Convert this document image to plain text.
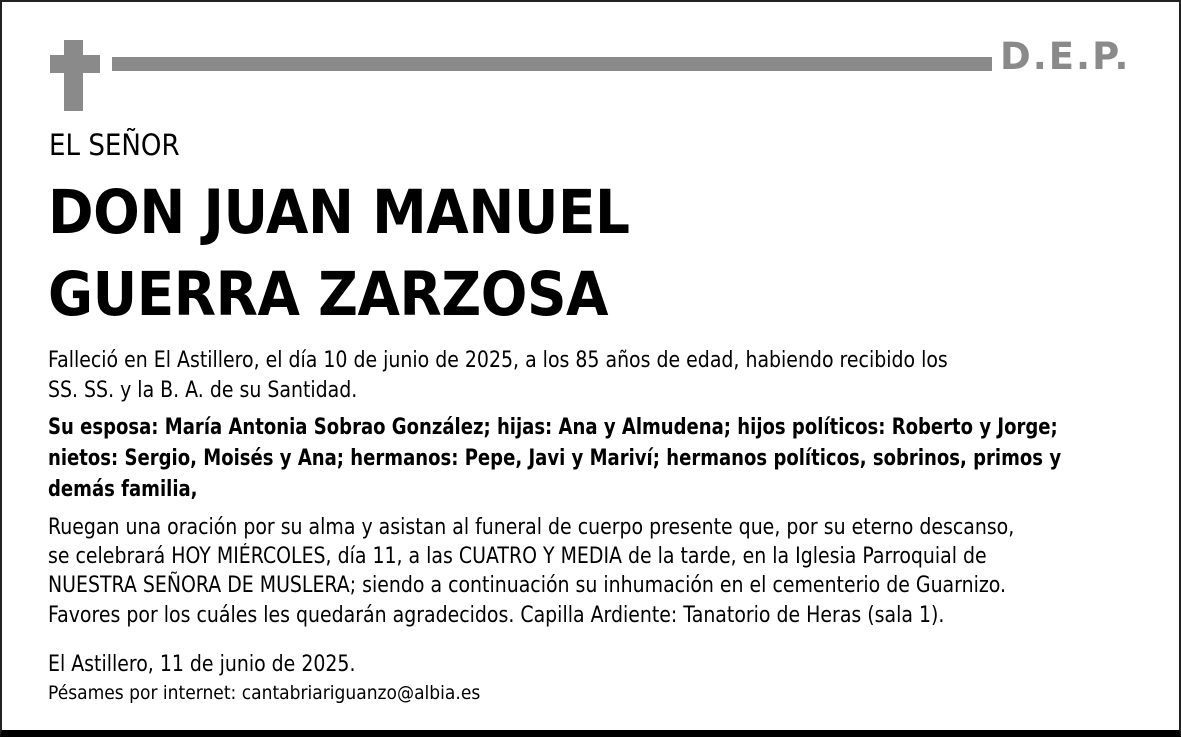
D.E.P.
EL SEÑOR
DON JUAN MANUEL
GUERRA ZARZOSA
Falleció en El Astillero, el día 10 de junio de 2025, a los 85 años de edad, habiendo recibido los
SS. SS. y la B. A. de su Santidad.
Su esposa: María Antonia Sobrao González; hijas: Ana y Almudena; hijos políticos: Roberto y Jorge;
nietos: Sergio, Moisés y Ana; hermanos: Pepe, Javi y Mariví; hermanos políticos, sobrinos, primos y
demás familia,
Ruegan una oración por su alma y asistan al funeral de cuerpo presente que, por su eterno descanso,
se celebrará HOY MIÉRCOLES, día 11, a las CUATRO Y MEDIA de la tarde, en la Iglesia Parroquial de
NUESTRA SEÑORA DE MUSLERA; siendo a continuación su inhumación en el cementerio de Guarnizo.
Favores por los cuáles les quedarán agradecidos. Capilla Ardiente: Tanatorio de Heras (sala 1).
El Astillero, 11 de junio de 2025.
Pésames por internet: cantabriariguanzo@albia.es
